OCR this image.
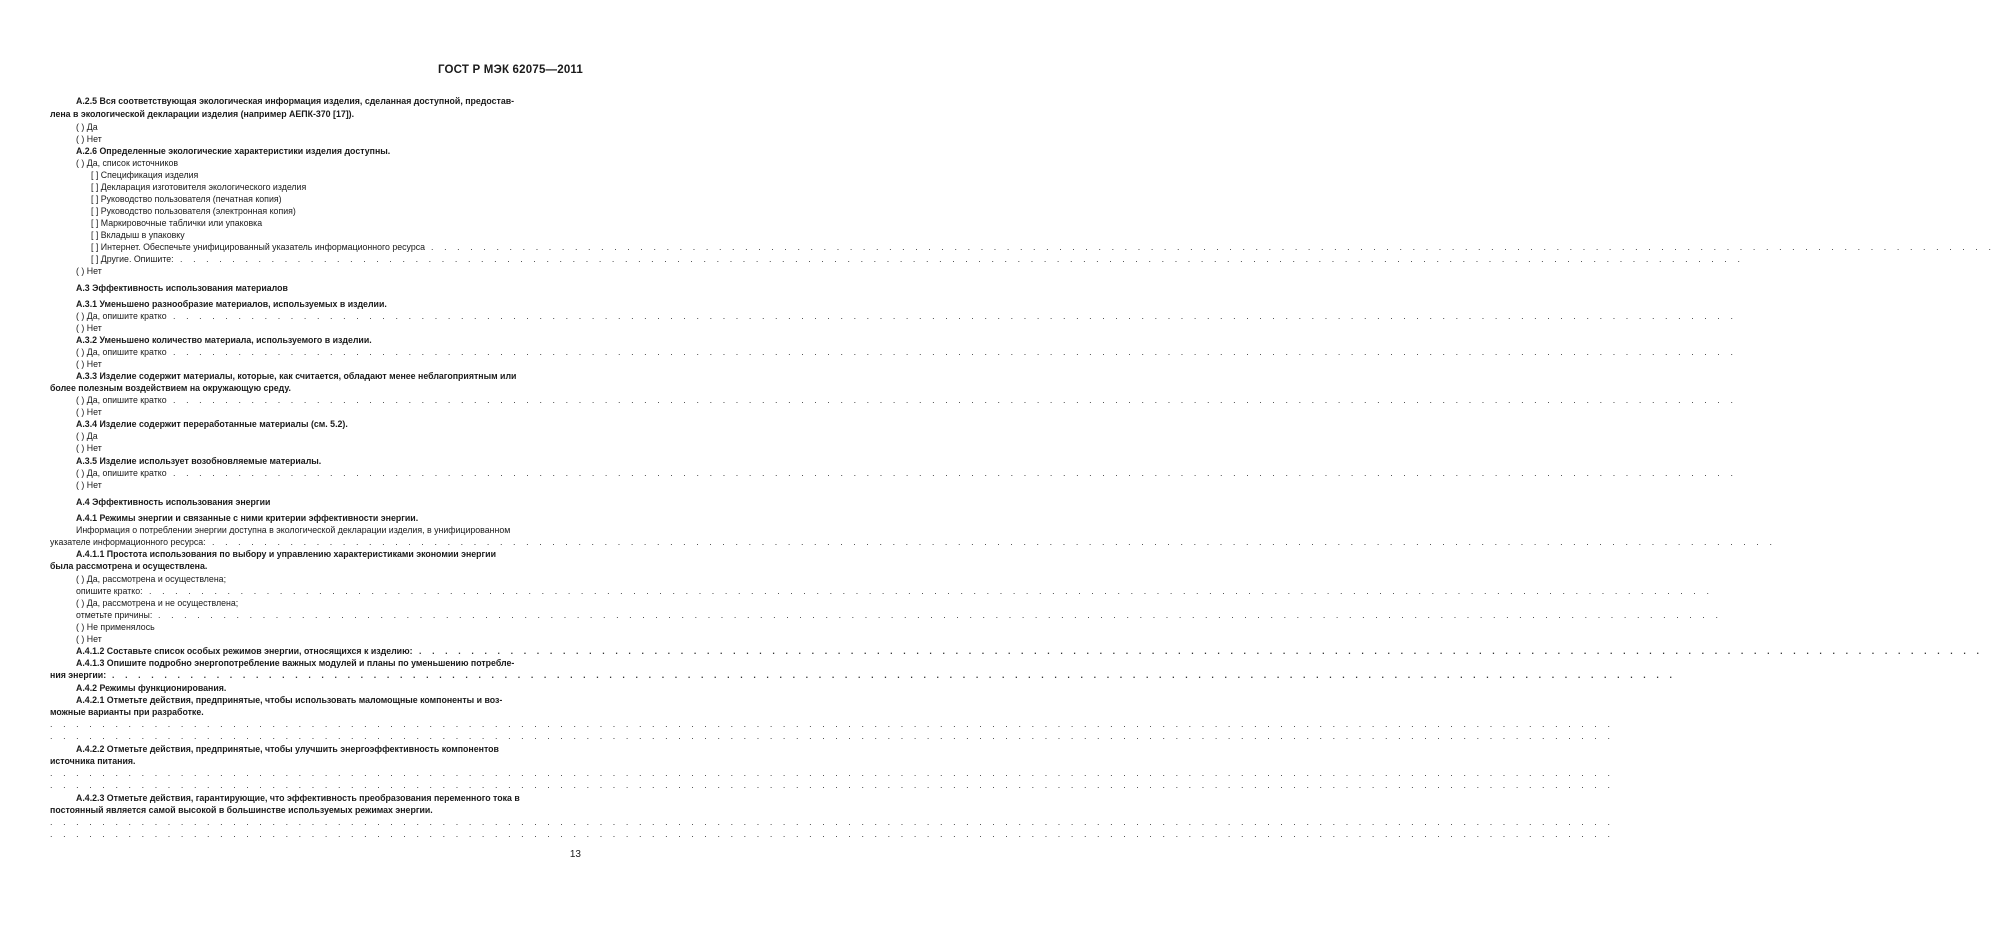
ГОСТ Р МЭК 62075—2011
A.2.5 Вся соответствующая экологическая информация изделия, сделанная доступной, предостав-
лена в экологической декларации изделия (например AЕПК-370 [17]).
( ) Да
( ) Нет
A.2.6 Определенные экологические характеристики изделия доступны.
( ) Да, список источников
[ ] Спецификация изделия
[ ] Декларация изготовителя экологического изделия
[ ] Руководство пользователя (печатная копия)
[ ] Руководство пользователя (электронная копия)
[ ] Маркировочные таблички или упаковка
[ ] Вкладыш в упаковку
[ ] Интернет. Обеспечьте унифицированный указатель информационного ресурса . . . . . . . . . . . . . . . . . . . . . . . . . . . . . . . . . . . . . . . . . . . . . . . . . . . . . . . . . . . . . . . . . . . . . . . . . . . . . . . . . . . . . . . . . . . . . . . . . . . . . . . . . . . . . . . . . . . . . . . .
[ ] Другие. Опишите: . . . . . . . . . . . . . . . . . . . . . . . . . . . . . . . . . . . . . . . . . . . . . . . . . . . . . . . . . . . . . . . . . . . . . . . . . . . . . . . . . . . . . . . . . . . . . . . . . . . . . . . . . . . . . . . . . . . . . . . .
( ) Нет
A.3 Эффективность использования материалов
A.3.1 Уменьшено разнообразие материалов, используемых в изделии.
( ) Да, опишите кратко . . . . . . . . . . . . . . . . . . . . . . . . . . . . . . . . . . . . . . . . . . . . . . . . . . . . . . . . . . . . . . . . . . . . . . . . . . . . . . . . . . . . . . . . . . . . . . . . . . . . . . . . . . . . . . . . . . . . . . . .
( ) Нет
A.3.2 Уменьшено количество материала, используемого в изделии.
( ) Да, опишите кратко . . . . . . . . . . . . . . . . . . . . . . . . . . . . . . . . . . . . . . . . . . . . . . . . . . . . . . . . . . . . . . . . . . . . . . . . . . . . . . . . . . . . . . . . . . . . . . . . . . . . . . . . . . . . . . . . . . . . . . . .
( ) Нет
A.3.3 Изделие содержит материалы, которые, как считается, обладают менее неблагоприятным или
более полезным воздействием на окружающую среду.
( ) Да, опишите кратко . . . . . . . . . . . . . . . . . . . . . . . . . . . . . . . . . . . . . . . . . . . . . . . . . . . . . . . . . . . . . . . . . . . . . . . . . . . . . . . . . . . . . . . . . . . . . . . . . . . . . . . . . . . . . . . . . . . . . . . .
( ) Нет
A.3.4 Изделие содержит переработанные материалы (см. 5.2).
( ) Да
( ) Нет
A.3.5 Изделие использует возобновляемые материалы.
( ) Да, опишите кратко . . . . . . . . . . . . . . . . . . . . . . . . . . . . . . . . . . . . . . . . . . . . . . . . . . . . . . . . . . . . . . . . . . . . . . . . . . . . . . . . . . . . . . . . . . . . . . . . . . . . . . . . . . . . . . . . . . . . . . . .
( ) Нет
A.4 Эффективность использования энергии
A.4.1 Режимы энергии и связанные с ними критерии эффективности энергии.
Информация о потреблении энергии доступна в экологической декларации изделия, в унифицированном
указателе информационного ресурса: . . . . . . . . . . . . . . . . . . . . . . . . . . . . . . . . . . . . . . . . . . . . . . . . . . . . . . . . . . . . . . . . . . . . . . . . . . . . . . . . . . . . . . . . . . . . . . . . . . . . . . . . . . . . . . . . . . . . . . . .
A.4.1.1 Простота использования по выбору и управлению характеристиками экономии энергии
была рассмотрена и осуществлена.
( ) Да, рассмотрена и осуществлена;
опишите кратко: . . . . . . . . . . . . . . . . . . . . . . . . . . . . . . . . . . . . . . . . . . . . . . . . . . . . . . . . . . . . . . . . . . . . . . . . . . . . . . . . . . . . . . . . . . . . . . . . . . . . . . . . . . . . . . . . . . . . . . . .
( ) Да, рассмотрена и не осуществлена;
отметьте причины: . . . . . . . . . . . . . . . . . . . . . . . . . . . . . . . . . . . . . . . . . . . . . . . . . . . . . . . . . . . . . . . . . . . . . . . . . . . . . . . . . . . . . . . . . . . . . . . . . . . . . . . . . . . . . . . . . . . . . . . .
( ) Не применялось
( ) Нет
A.4.1.2 Составьте список особых режимов энергии, относящихся к изделию: . . . . . . . . . . . . . . . . . . . . . . . . . . . . . . . . . . . . . . . . . . . . . . . . . . . . . . . . . . . . . . . . . . . . . . . . . . . . . . . . . . . . . . . . . . . . . . . . . . . . . . . . . . . . . . . . . . . . . . . .
A.4.1.3 Опишите подробно энергопотребление важных модулей и планы по уменьшению потребле-
ния энергии: . . . . . . . . . . . . . . . . . . . . . . . . . . . . . . . . . . . . . . . . . . . . . . . . . . . . . . . . . . . . . . . . . . . . . . . . . . . . . . . . . . . . . . . . . . . . . . . . . . . . . . . . . . . . . . . . . . . . . . . .
A.4.2 Режимы функционирования.
A.4.2.1 Отметьте действия, предпринятые, чтобы использовать маломощные компоненты и воз-
можные варианты при разработке.
. . . . . . . . . . . . . . . . . . . . . . . . . . . . . . . . . . . . . . . . . . . . . . . . . . . . . . . . . . . . . . . . . . . . . . . . . . . . . . . . . . . . . . . . . . . . . . . . . . . . . . . . . . . . . . . . . . . . . . . .
. . . . . . . . . . . . . . . . . . . . . . . . . . . . . . . . . . . . . . . . . . . . . . . . . . . . . . . . . . . . . . . . . . . . . . . . . . . . . . . . . . . . . . . . . . . . . . . . . . . . . . . . . . . . . . . . . . . . . . . .
A.4.2.2 Отметьте действия, предпринятые, чтобы улучшить энергоэффективность компонентов
источника питания.
. . . . . . . . . . . . . . . . . . . . . . . . . . . . . . . . . . . . . . . . . . . . . . . . . . . . . . . . . . . . . . . . . . . . . . . . . . . . . . . . . . . . . . . . . . . . . . . . . . . . . . . . . . . . . . . . . . . . . . . .
. . . . . . . . . . . . . . . . . . . . . . . . . . . . . . . . . . . . . . . . . . . . . . . . . . . . . . . . . . . . . . . . . . . . . . . . . . . . . . . . . . . . . . . . . . . . . . . . . . . . . . . . . . . . . . . . . . . . . . . .
A.4.2.3 Отметьте действия, гарантирующие, что эффективность преобразования переменного тока в
постоянный является самой высокой в большинстве используемых режимах энергии.
. . . . . . . . . . . . . . . . . . . . . . . . . . . . . . . . . . . . . . . . . . . . . . . . . . . . . . . . . . . . . . . . . . . . . . . . . . . . . . . . . . . . . . . . . . . . . . . . . . . . . . . . . . . . . . . . . . . . . . . .
. . . . . . . . . . . . . . . . . . . . . . . . . . . . . . . . . . . . . . . . . . . . . . . . . . . . . . . . . . . . . . . . . . . . . . . . . . . . . . . . . . . . . . . . . . . . . . . . . . . . . . . . . . . . . . . . . . . . . . . .
13
